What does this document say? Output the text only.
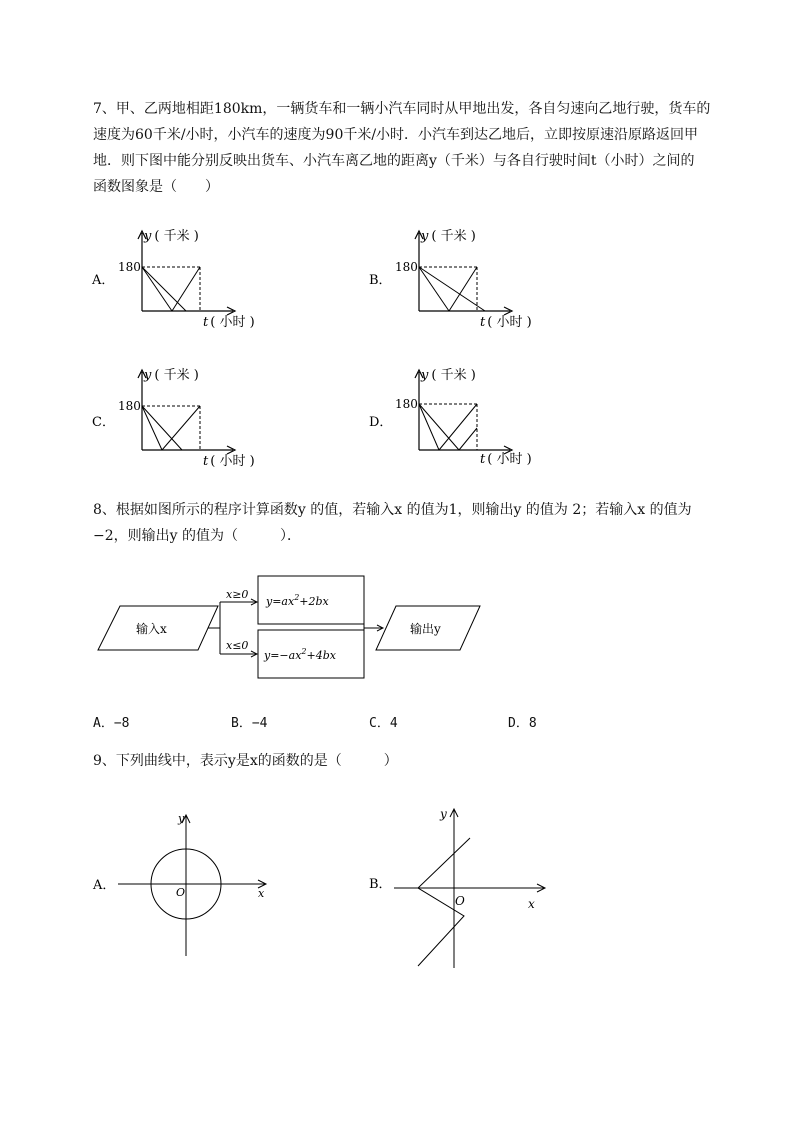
7、甲、乙两地相距180km，一辆货车和一辆小汽车同时从甲地出发，各自匀速向乙地行驶，货车的
速度为60千米/小时，小汽车的速度为90千米/小时．小汽车到达乙地后，立即按原速沿原路返回甲
地．则下图中能分别反映出货车、小汽车离乙地的距离y（千米）与各自行驶时间t（小时）之间的
函数图象是（　　）
A．
y ( 千米 )
180
t ( 小时 )
B．
y ( 千米 )
180
t ( 小时 )
C．
y ( 千米 )
180
t ( 小时 )
D．
y ( 千米 )
180
t ( 小时 )
8、根据如图所示的程序计算函数y 的值，若输入x 的值为1，则输出y 的值为 2；若输入x 的值为
−2，则输出y 的值为（　　　）．
输入x
x≥0
x≤0
$y=ax^2+2bx$
$y=-ax^2+4bx$
输出y
A．−8	B．−4	C．4	D．8
9、下列曲线中，表示y是x的函数的是（　　　）
A．
y
x
O
B．
y
x
O
